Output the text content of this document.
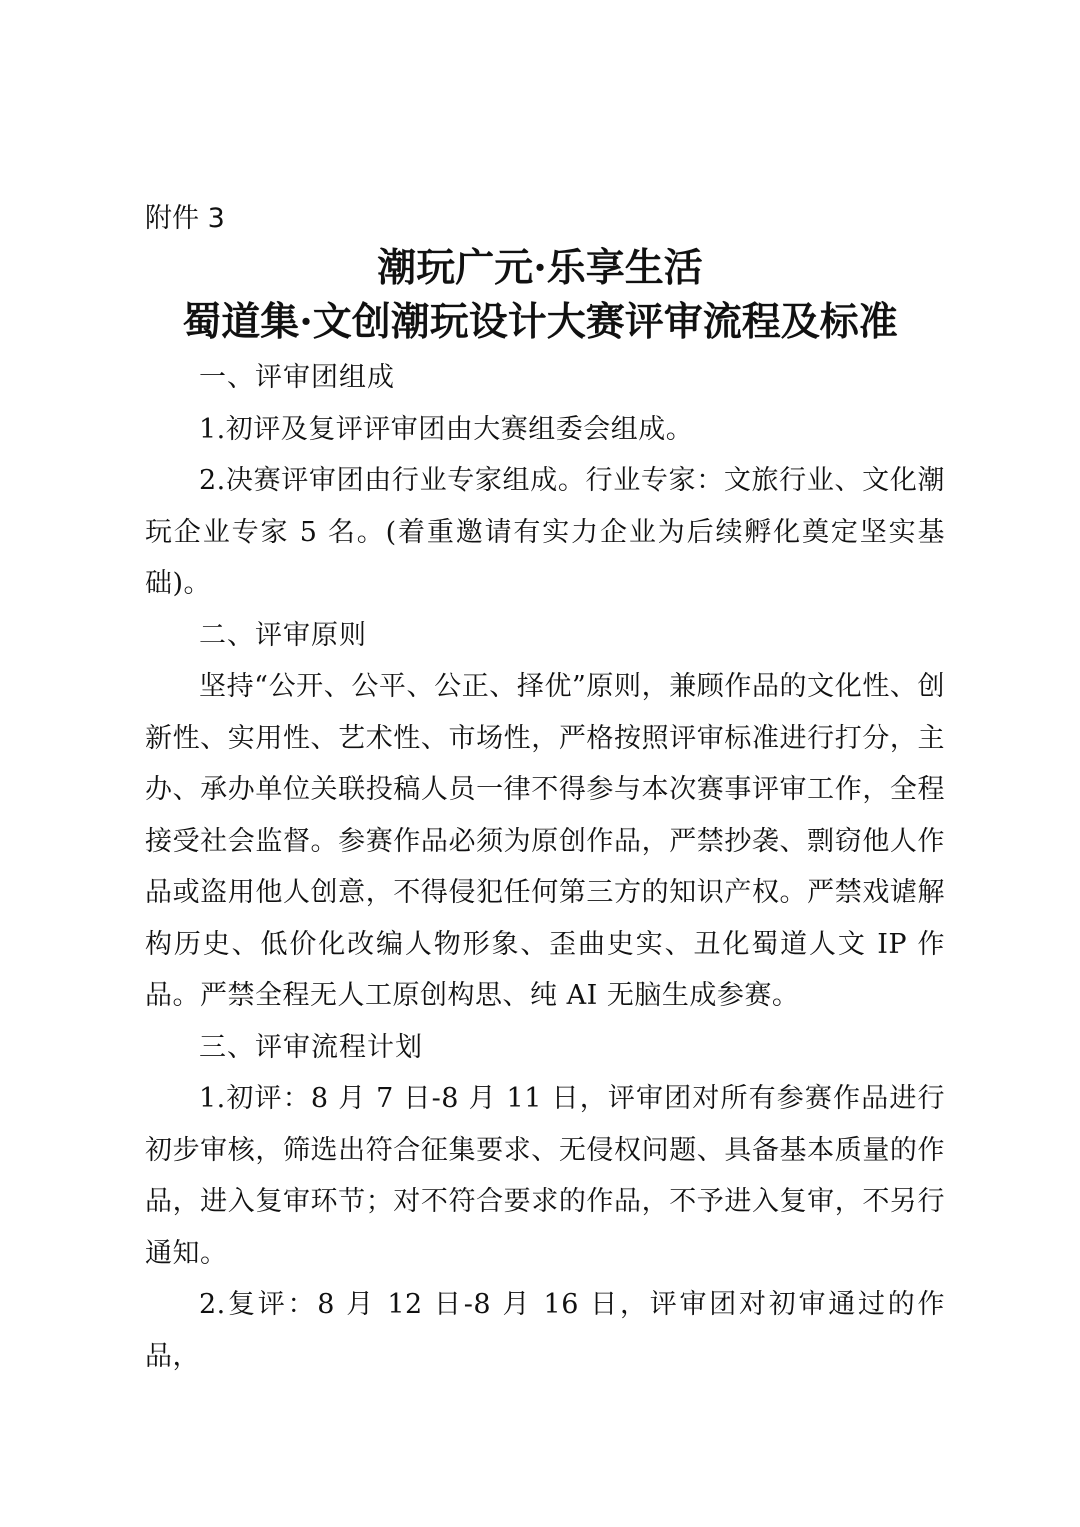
附件 3
潮玩广元·乐享生活
蜀道集·文创潮玩设计大赛评审流程及标准

一、评审团组成

1.初评及复评评审团由大赛组委会组成。

2.决赛评审团由行业专家组成。行业专家：文旅行业、文化潮玩企业专家 5 名。(着重邀请有实力企业为后续孵化奠定坚实基础)。

二、评审原则

坚持“公开、公平、公正、择优”原则，兼顾作品的文化性、创新性、实用性、艺术性、市场性，严格按照评审标准进行打分，主办、承办单位关联投稿人员一律不得参与本次赛事评审工作，全程接受社会监督。参赛作品必须为原创作品，严禁抄袭、剽窃他人作品或盗用他人创意，不得侵犯任何第三方的知识产权。严禁戏谑解构历史、低价化改编人物形象、歪曲史实、丑化蜀道人文 IP 作品。严禁全程无人工原创构思、纯 AI 无脑生成参赛。

三、评审流程计划

1.初评：8 月 7 日-8 月 11 日，评审团对所有参赛作品进行初步审核，筛选出符合征集要求、无侵权问题、具备基本质量的作品，进入复审环节；对不符合要求的作品，不予进入复审，不另行通知。

2.复评：8 月 12 日-8 月 16 日，评审团对初审通过的作品，
